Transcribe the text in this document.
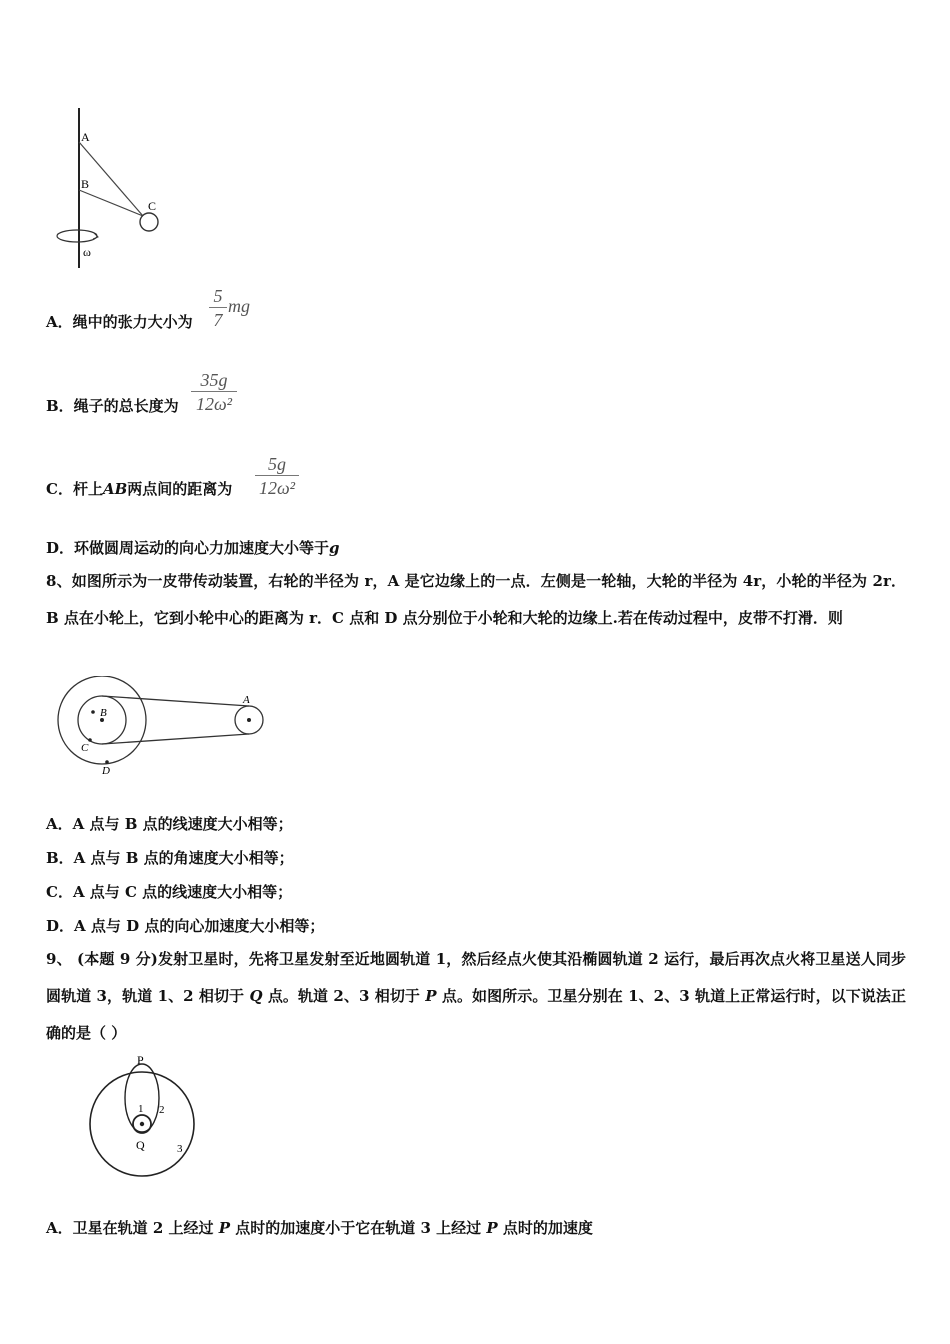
A
B
C
ω
A．绳中的张力大小为
5
7
mg
B．绳子的总长度为
35g
12ω²
C．杆上AB两点间的距离为
5g
12ω²
D．环做圆周运动的向心力加速度大小等于g
8、如图所示为一皮带传动装置，右轮的半径为 r，A 是它边缘上的一点．左侧是一轮轴，大轮的半径为 4r，小轮的半径为 2r．B 点在小轮上，它到小轮中心的距离为 r．C 点和 D 点分别位于小轮和大轮的边缘上.若在传动过程中，皮带不打滑．则
A
B
C
D
A．A 点与 B 点的线速度大小相等；
B．A 点与 B 点的角速度大小相等；
C．A 点与 C 点的线速度大小相等；
D．A 点与 D 点的向心加速度大小相等；
9、 (本题 9 分)发射卫星时，先将卫星发射至近地圆轨道 1，然后经点火使其沿椭圆轨道 2 运行，最后再次点火将卫星送人同步圆轨道 3，轨道 1、2 相切于 Q 点。轨道 2、3 相切于 P 点。如图所示。卫星分别在 1、2、3 轨道上正常运行时，以下说法正确的是（ ）
P
1 2
Q	3
A．卫星在轨道 2 上经过 P 点时的加速度小于它在轨道 3 上经过 P 点时的加速度
